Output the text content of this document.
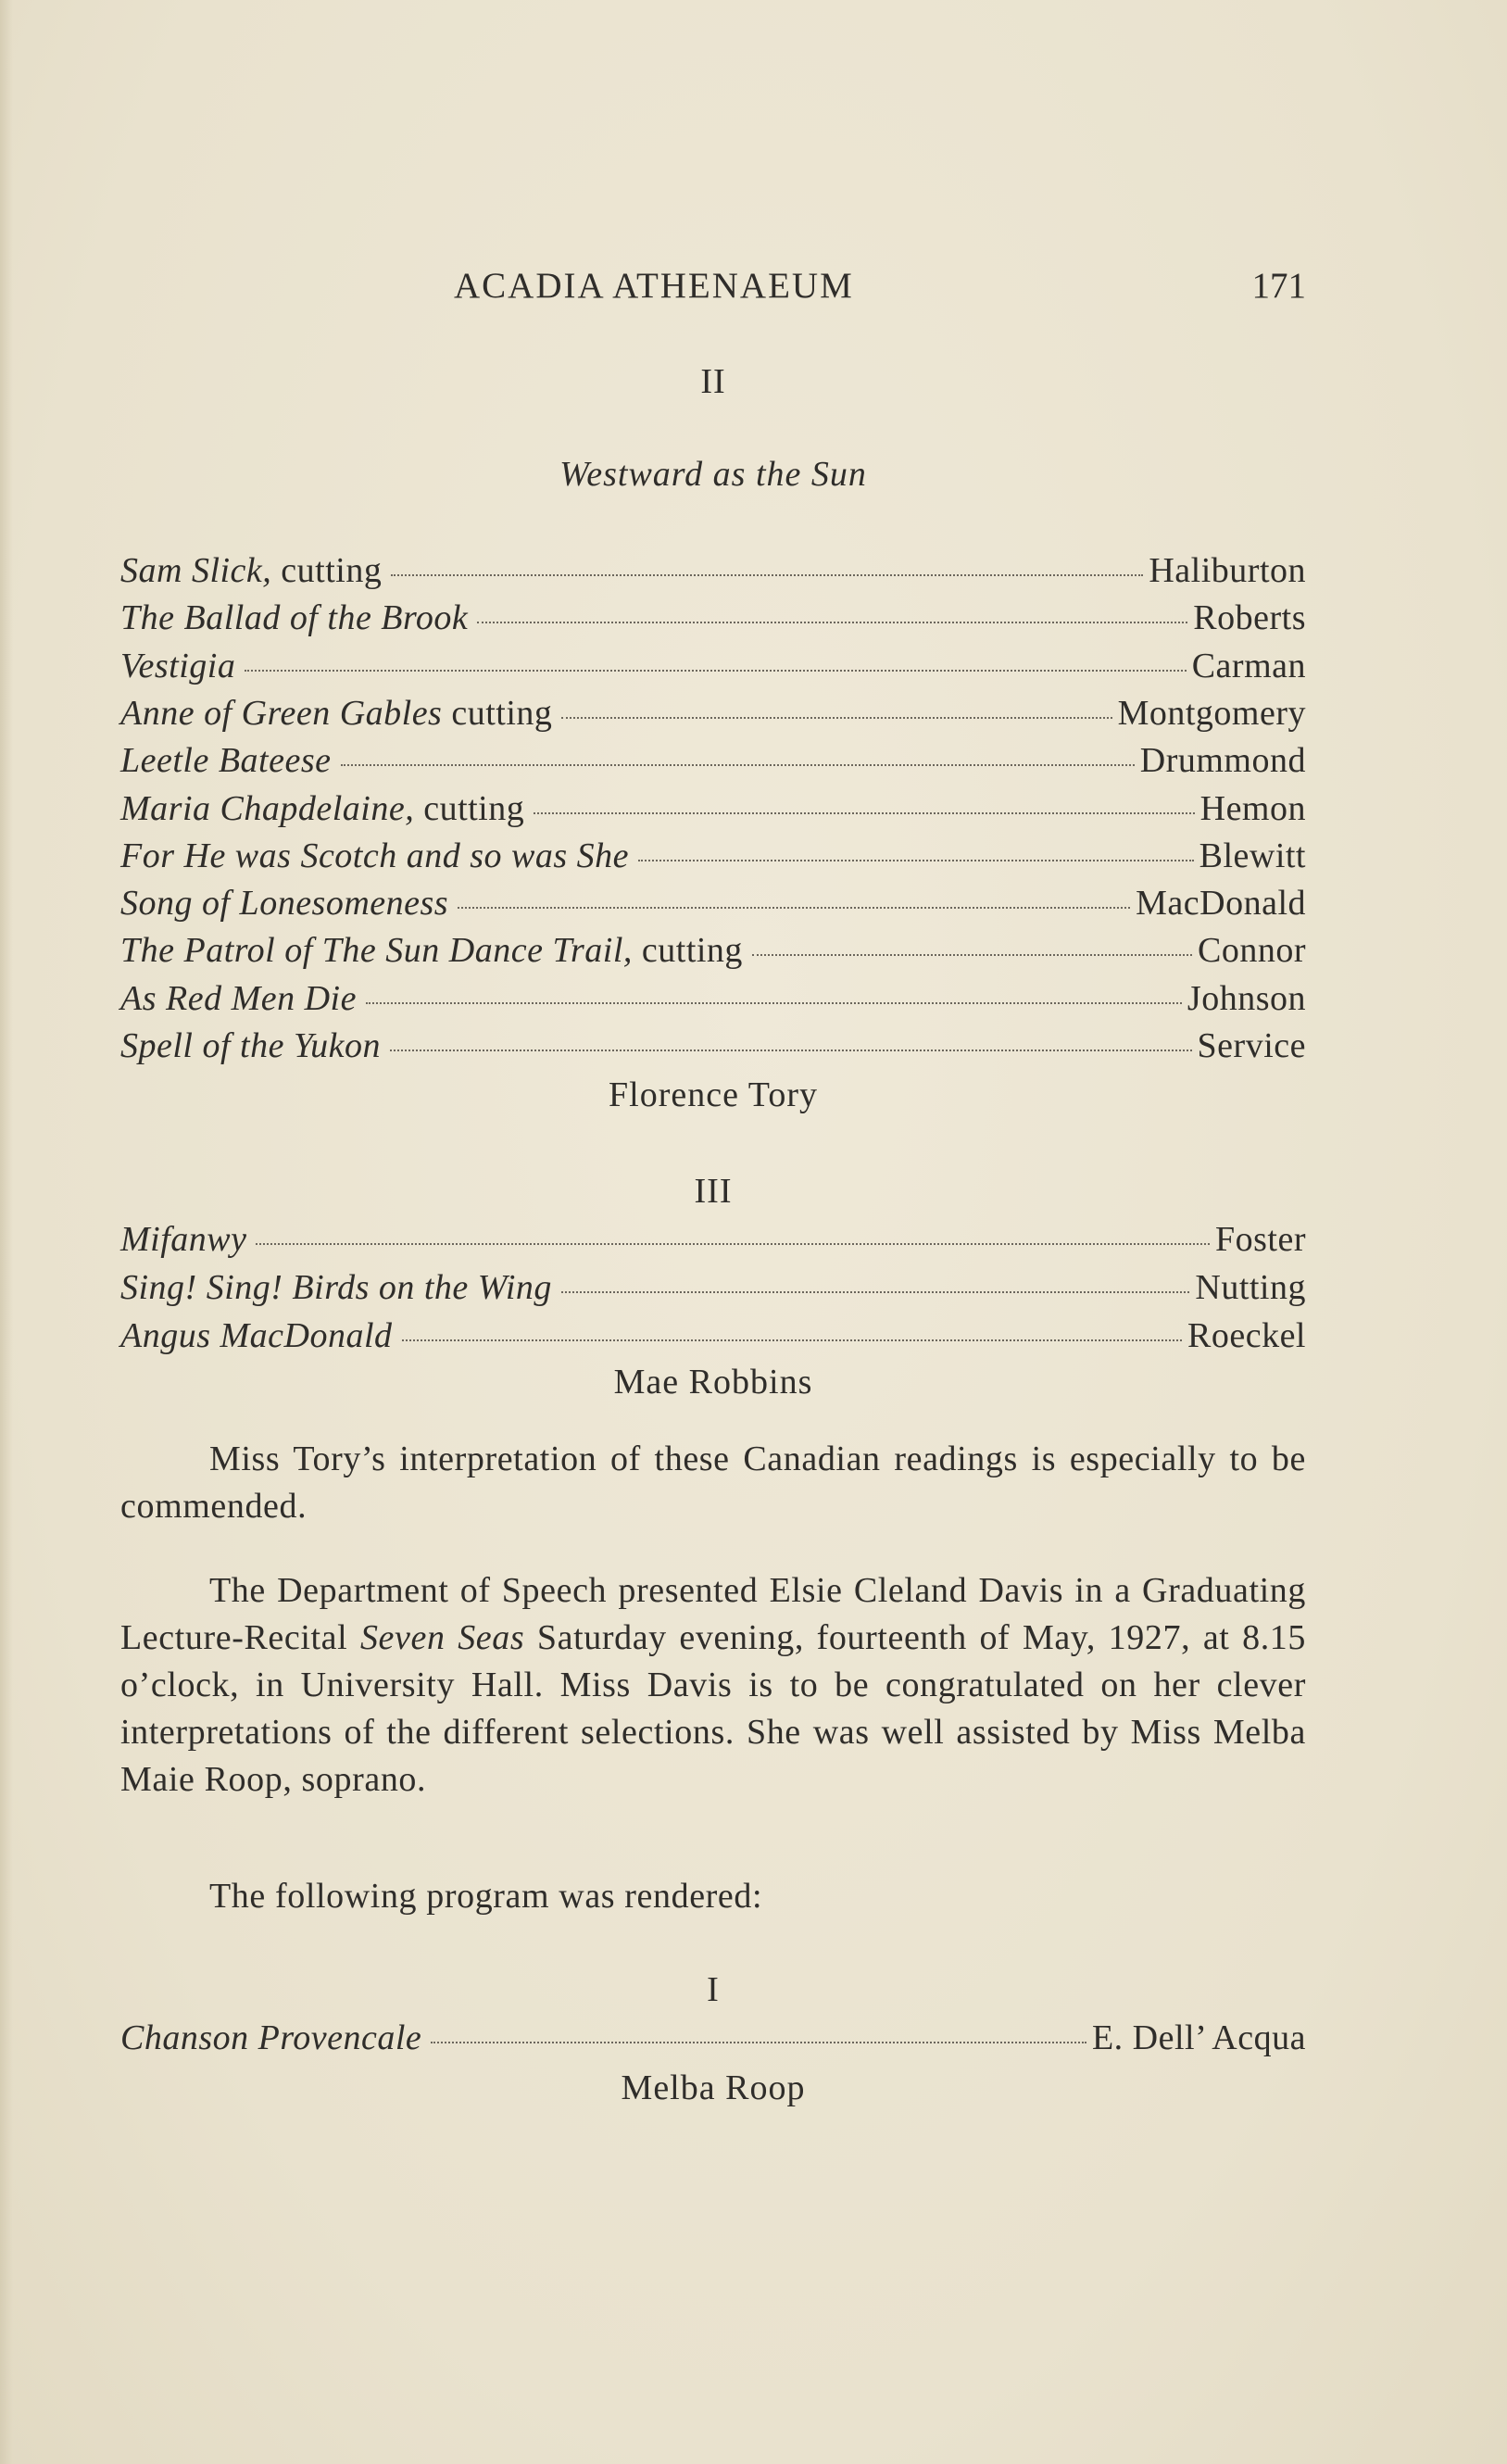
ACADIA ATHENAEUM	171
II
Westward as the Sun
Sam Slick, cutting	Haliburton
The Ballad of the Brook	Roberts
Vestigia	Carman
Anne of Green Gables cutting	Montgomery
Leetle Bateese	Drummond
Maria Chapdelaine, cutting	Hemon
For He was Scotch and so was She	Blewitt
Song of Lonesomeness	MacDonald
The Patrol of The Sun Dance Trail, cutting	Connor
As Red Men Die	Johnson
Spell of the Yukon	Service
Florence Tory
III
Mifanwy	Foster
Sing! Sing! Birds on the Wing	Nutting
Angus MacDonald	Roeckel
Mae Robbins

Miss Tory’s interpretation of these Canadian readings is especially to be commended.

The Department of Speech presented Elsie Cleland Davis in a Graduating Lecture-Recital Seven Seas Saturday evening, fourteenth of May, 1927, at 8.15 o’clock, in University Hall. Miss Davis is to be congratulated on her clever interpretations of the different selections. She was well assisted by Miss Melba Maie Roop, soprano.

The following program was rendered:

I
Chanson Provencale	E. Dell’ Acqua
Melba Roop
